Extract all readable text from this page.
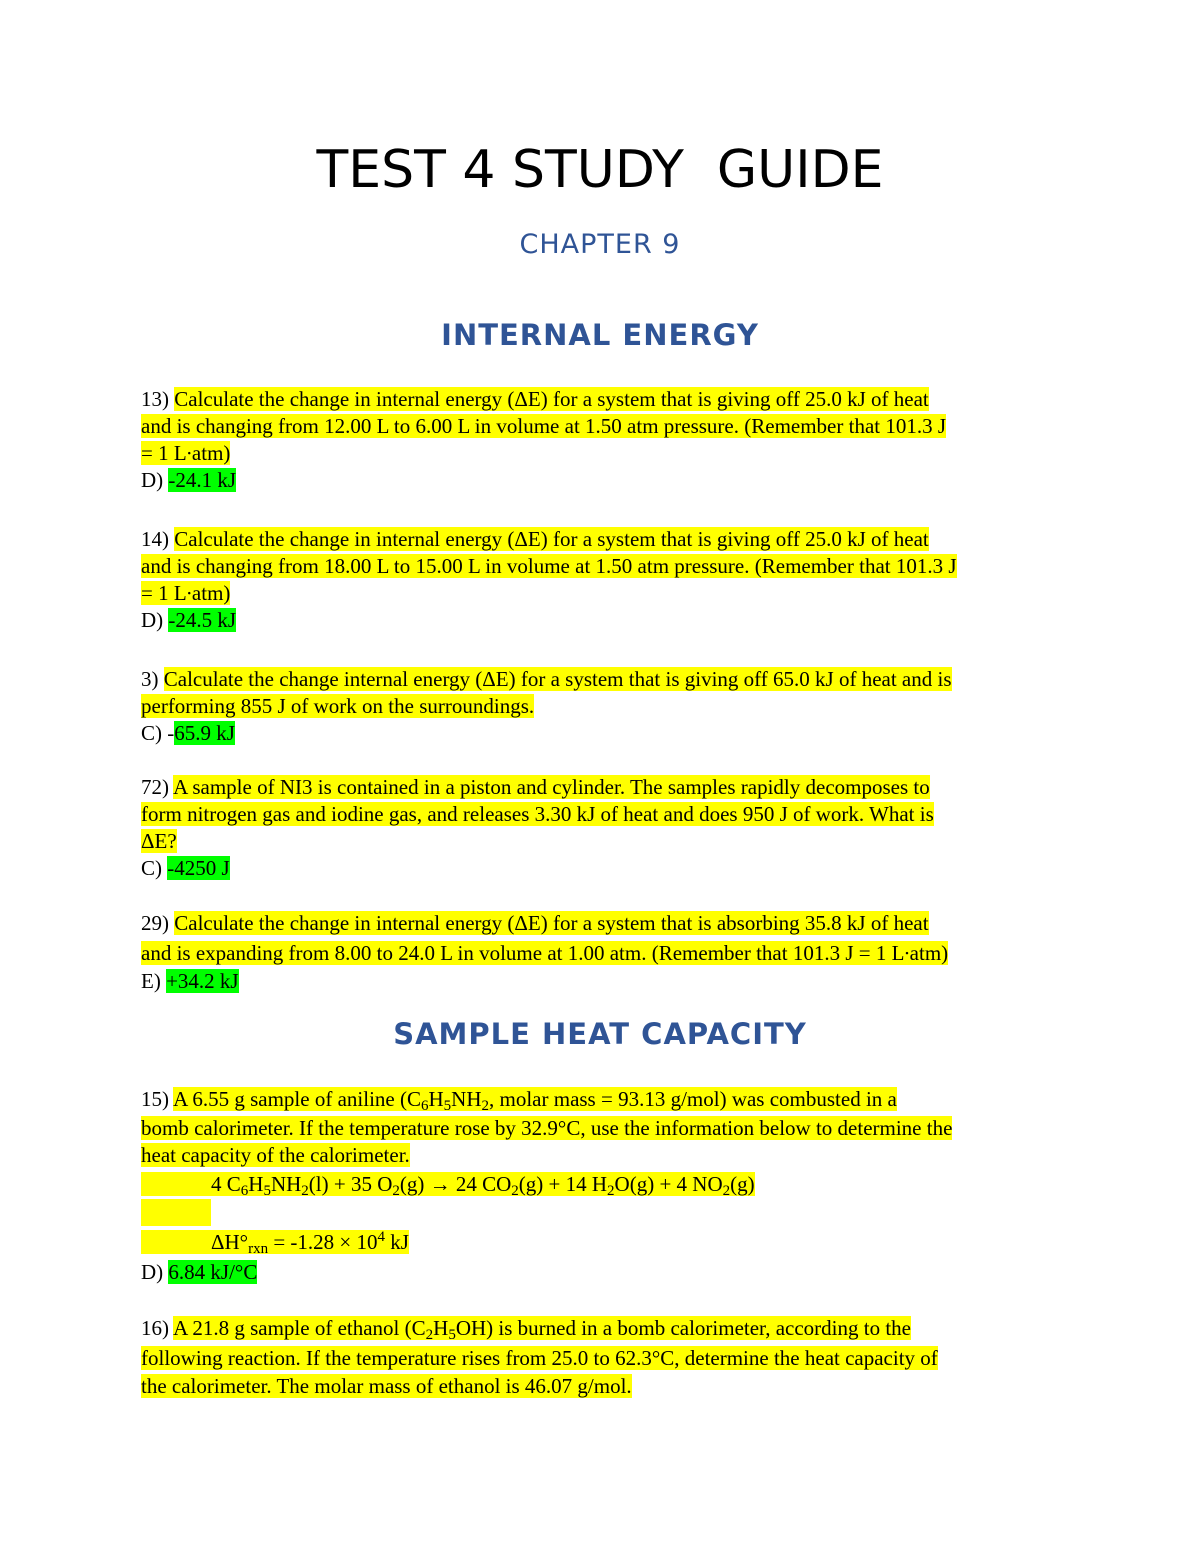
TEST 4 STUDY  GUIDE
CHAPTER 9
INTERNAL ENERGY
13) Calculate the change in internal energy (ΔE) for a system that is giving off 25.0 kJ of heat
and is changing from 12.00 L to 6.00 L in volume at 1.50 atm pressure. (Remember that 101.3 J
= 1 L∙atm)
D) -24.1 kJ
14) Calculate the change in internal energy (ΔE) for a system that is giving off 25.0 kJ of heat
and is changing from 18.00 L to 15.00 L in volume at 1.50 atm pressure. (Remember that 101.3 J
= 1 L∙atm)
D) -24.5 kJ
3) Calculate the change internal energy (ΔE) for a system that is giving off 65.0 kJ of heat and is
performing 855 J of work on the surroundings.
C) -65.9 kJ
72) A sample of NI3 is contained in a piston and cylinder. The samples rapidly decomposes to
form nitrogen gas and iodine gas, and releases 3.30 kJ of heat and does 950 J of work. What is
ΔE?
C) -4250 J
29) Calculate the change in internal energy (ΔE) for a system that is absorbing 35.8 kJ of heat
and is expanding from 8.00 to 24.0 L in volume at 1.00 atm. (Remember that 101.3 J = 1 L∙atm)
E) +34.2 kJ
SAMPLE HEAT CAPACITY
15) A 6.55 g sample of aniline ($C_6H_5NH_2$, molar mass = 93.13 g/mol) was combusted in a
bomb calorimeter. If the temperature rose by 32.9°C, use the information below to determine the
heat capacity of the calorimeter.
4 $C_6H_5NH_2(l) + 35$ $O_2(g) \to 24$ $CO_2(g) + 14$ $H_2O(g) + 4$ $NO_2(g)$
$\Delta H^\circ_{rxn} = -1.28 \times 10^4$ kJ
D) 6.84 kJ/°C
16) A 21.8 g sample of ethanol $(C_2H_5OH)$ is burned in a bomb calorimeter, according to the
following reaction. If the temperature rises from 25.0 to 62.3°C, determine the heat capacity of
the calorimeter. The molar mass of ethanol is 46.07 g/mol.
